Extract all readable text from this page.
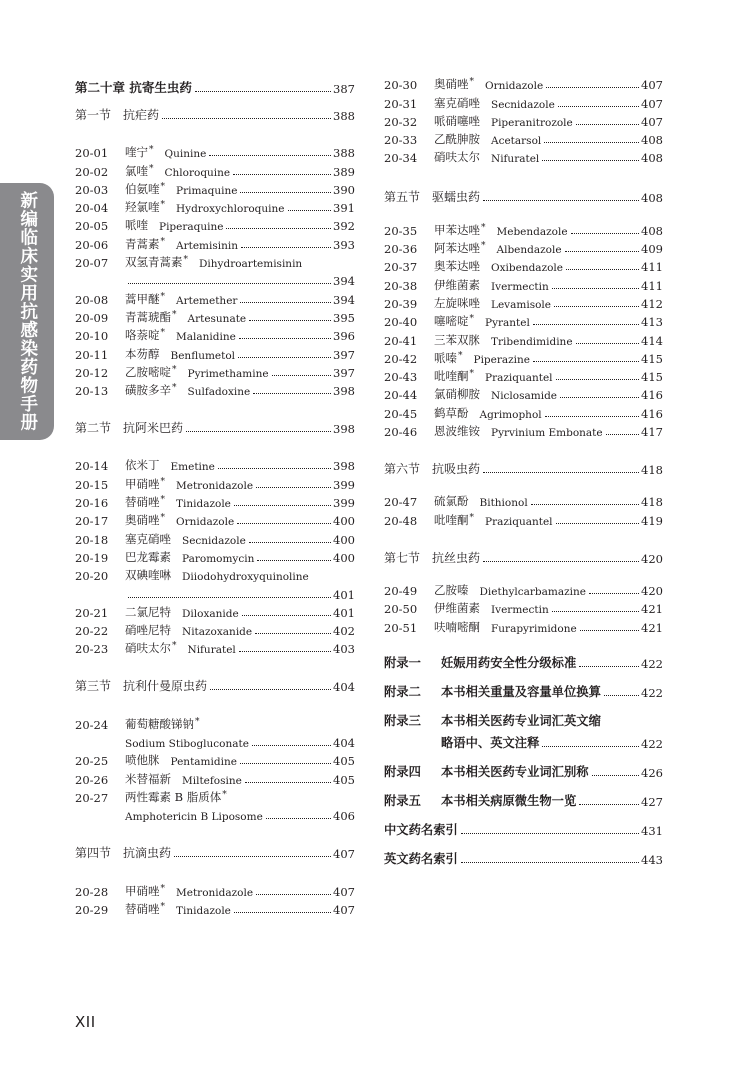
新编临床实用抗感染药物手册
第二十章 抗寄生虫药	387
第一节 抗疟药	388
20-01	喹宁 * Quinine	388
20-02	氯喹 * Chloroquine	389
20-03	伯氨喹 * Primaquine	390
20-04	羟氯喹 * Hydroxychloroquine	391
20-05	哌喹 Piperaquine	392
20-06	青蒿素 * Artemisinin	393
20-07	双氢青蒿素 * Dihydroartemisinin
394
20-08	蒿甲醚 * Artemether	394
20-09	青蒿琥酯 * Artesunate	395
20-10	咯萘啶 * Malanidine	396
20-11	本芴醇 Benflumetol	397
20-12	乙胺嘧啶 * Pyrimethamine	397
20-13	磺胺多辛 * Sulfadoxine	398
第二节 抗阿米巴药	398
20-14	依米丁 Emetine	398
20-15	甲硝唑 * Metronidazole	399
20-16	替硝唑 * Tinidazole	399
20-17	奥硝唑 * Ornidazole	400
20-18	塞克硝唑 Secnidazole	400
20-19	巴龙霉素 Paromomycin	400
20-20	双碘喹啉 Diiodohydroxyquinoline
401
20-21	二氯尼特 Diloxanide	401
20-22	硝唑尼特 Nitazoxanide	402
20-23	硝呋太尔 * Nifuratel	403
第三节 抗利什曼原虫药	404
20-24	葡萄糖酸锑钠 *
Sodium Stibogluconate	404
20-25	喷他脒 Pentamidine	405
20-26	米替福新 Miltefosine	405
20-27	两性霉素 B 脂质体 *
Amphotericin B Liposome	406
第四节 抗滴虫药	407
20-28	甲硝唑 * Metronidazole	407
20-29	替硝唑 * Tinidazole	407
20-30	奥硝唑 * Ornidazole	407
20-31	塞克硝唑 Secnidazole	407
20-32	哌硝噻唑 Piperanitrozole	407
20-33	乙酰胂胺 Acetarsol	408
20-34	硝呋太尔 Nifuratel	408
第五节 驱蠕虫药	408
20-35	甲苯达唑 * Mebendazole	408
20-36	阿苯达唑 * Albendazole	409
20-37	奥苯达唑 Oxibendazole	411
20-38	伊维菌素 Ivermectin	411
20-39	左旋咪唑 Levamisole	412
20-40	噻嘧啶 * Pyrantel	413
20-41	三苯双脒 Tribendimidine	414
20-42	哌嗪 * Piperazine	415
20-43	吡喹酮 * Praziquantel	415
20-44	氯硝柳胺 Niclosamide	416
20-45	鹤草酚 Agrimophol	416
20-46	恩波维铵 Pyrvinium Embonate	417
第六节 抗吸虫药	418
20-47	硫氯酚 Bithionol	418
20-48	吡喹酮 * Praziquantel	419
第七节 抗丝虫药	420
20-49	乙胺嗪 Diethylcarbamazine	420
20-50	伊维菌素 Ivermectin	421
20-51	呋喃嘧酮 Furapyrimidone	421
附录一	妊娠用药安全性分级标准	422
附录二	本书相关重量及容量单位换算	422
附录三	本书相关医药专业词汇英文缩
略语中、英文注释	422
附录四	本书相关医药专业词汇别称	426
附录五	本书相关病原微生物一览	427
中文药名索引	431
英文药名索引	443
XII
